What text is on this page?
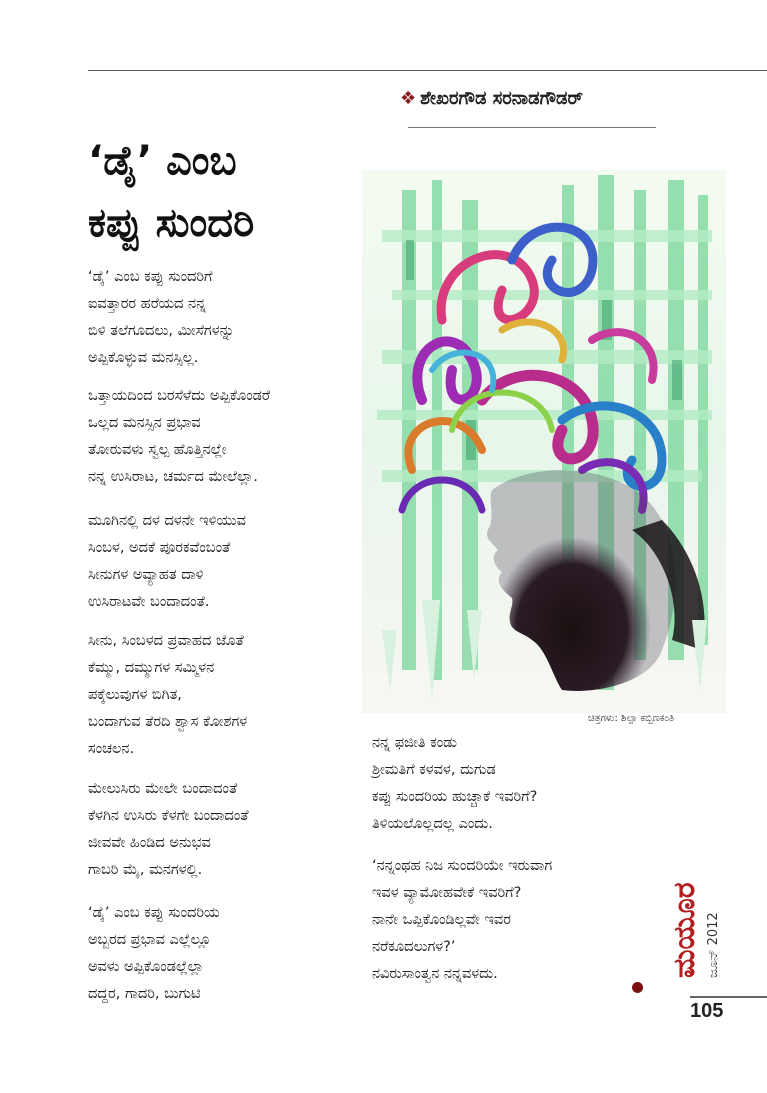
❖ ಶೇಖರಗೌಡ ಸರನಾಡಗೌಡರ್
‘ಡೈ’ ಎಂಬ
ಕಪ್ಪು ಸುಂದರಿ
‘ಡೈ’ ಎಂಬ ಕಪ್ಪು ಸುಂದರಿಗೆ
ಐವತ್ತಾರರ ಹರೆಯದ ನನ್ನ
ಬಿಳಿ ತಲೆಗೂದಲು, ಮೀಸೆಗಳನ್ನು
ಅಪ್ಪಿಕೊಳ್ಳುವ ಮನಸ್ಸಿಲ್ಲ.
ಒತ್ತಾಯದಿಂದ ಬರಸೆಳೆದು ಅಪ್ಪಿಕೊಂಡರೆ
ಒಲ್ಲದ ಮನಸ್ಸಿನ ಪ್ರಭಾವ
ತೋರುವಳು ಸ್ವಲ್ಪ ಹೊತ್ತಿನಲ್ಲೇ
ನನ್ನ ಉಸಿರಾಟ, ಚರ್ಮದ ಮೇಲೆಲ್ಲಾ.
ಮೂಗಿನಲ್ಲಿ ದಳ ದಳನೇ ಇಳಿಯುವ
ಸಿಂಬಳ, ಅದಕೆ ಪೂರಕವೆಂಬಂತೆ
ಸೀನುಗಳ ಅವ್ಯಾಹತ ದಾಳಿ
ಉಸಿರಾಟವೇ ಬಂದಾದಂತೆ.
ಸೀನು, ಸಿಂಬಳದ ಪ್ರವಾಹದ ಜೊತೆ
ಕೆಮ್ಮು, ದಮ್ಮುಗಳ ಸಮ್ಮಿಳನ
ಪಕ್ಕೆಲುವುಗಳ ಬಿಗಿತ,
ಬಂದಾಗುವ ತೆರದಿ ಶ್ವಾಸ ಕೋಶಗಳ
ಸಂಚಲನ.
ಮೇಲುಸಿರು ಮೇಲೇ ಬಂದಾದಂತೆ
ಕೆಳಗಿನ ಉಸಿರು ಕೆಳಗೇ ಬಂದಾದಂತೆ
ಜೀವವೇ ಹಿಂಡಿದ ಅನುಭವ
ಗಾಬರಿ ಮೈ, ಮನಗಳಲ್ಲಿ.
‘ಡೈ’ ಎಂಬ ಕಪ್ಪು ಸುಂದರಿಯ
ಅಬ್ಬರದ ಪ್ರಭಾವ ಎಲ್ಲೆಲ್ಲೂ
ಅವಳು ಅಪ್ಪಿಕೊಂಡಲ್ಲೆಲ್ಲಾ
ದದ್ದರ, ಗಾದರಿ, ಬುಗುಟಿ
ಚಿತ್ರಗಳು: ಶಿಲ್ಪಾ ಕಬ್ಬಿಣಕಂತಿ
ನನ್ನ ಫಜೀತಿ ಕಂಡು
ಶ್ರೀಮತಿಗೆ ಕಳವಳ, ದುಗುಡ
ಕಪ್ಪು ಸುಂದರಿಯ ಹುಚ್ಚಾಕೆ ಇವರಿಗೆ?
ತಿಳಿಯಲೊಲ್ಲದಲ್ಲ ಎಂದು.
‘ನನ್ನಂಥಹ ನಿಜ ಸುಂದರಿಯೇ ಇರುವಾಗ
ಇವಳ ವ್ಯಾಮೋಹವೇಕೆ ಇವರಿಗೆ?
ನಾನೇ ಒಪ್ಪಿಕೊಂಡಿಲ್ಲವೇ ಇವರ
ನರೆಕೂದಲುಗಳ?’
ನವಿರುಸಾಂತ್ವನ ನನ್ನವಳದು.	ಮಯೂರ ಜೂನ್ 2012
105
